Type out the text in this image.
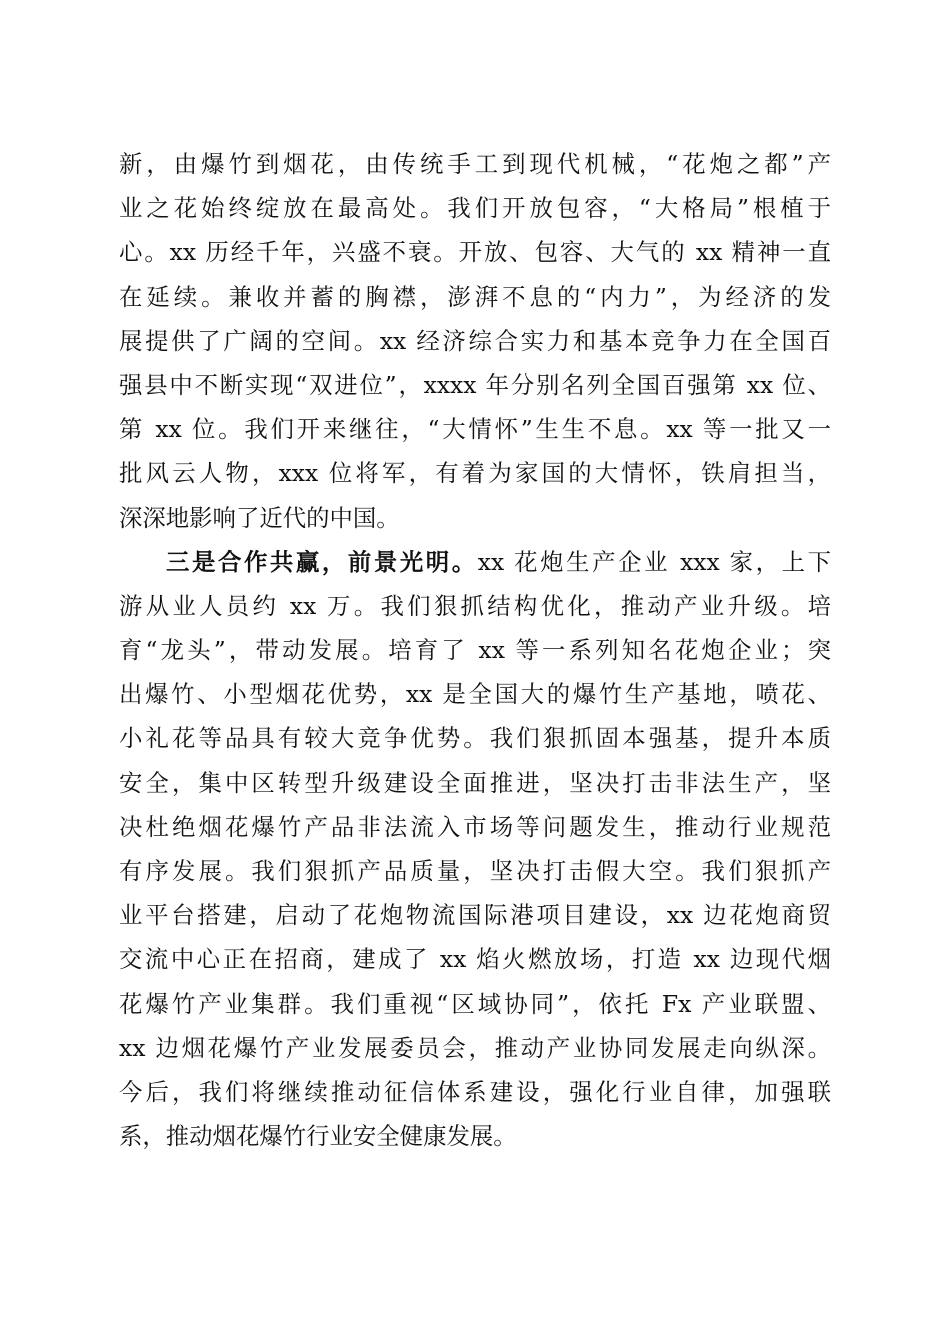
新，由爆竹到烟花，由传统手工到现代机械，“花炮之都”产
业之花始终绽放在最高处。我们开放包容，“大格局”根植于
心。xx 历经千年，兴盛不衰。开放、包容、大气的 xx 精神一直
在延续。兼收并蓄的胸襟，澎湃不息的“内力”，为经济的发
展提供了广阔的空间。xx 经济综合实力和基本竞争力在全国百
强县中不断实现“双进位”，xxxx 年分别名列全国百强第 xx 位、
第 xx 位。我们开来继往，“大情怀”生生不息。xx 等一批又一
批风云人物，xxx 位将军，有着为家国的大情怀，铁肩担当，
深深地影响了近代的中国。
三是合作共赢，前景光明。xx 花炮生产企业 xxx 家，上下
游从业人员约 xx 万。我们狠抓结构优化，推动产业升级。培
育“龙头”，带动发展。培育了 xx 等一系列知名花炮企业；突
出爆竹、小型烟花优势，xx 是全国大的爆竹生产基地，喷花、
小礼花等品具有较大竞争优势。我们狠抓固本强基，提升本质
安全，集中区转型升级建设全面推进，坚决打击非法生产，坚
决杜绝烟花爆竹产品非法流入市场等问题发生，推动行业规范
有序发展。我们狠抓产品质量，坚决打击假大空。我们狠抓产
业平台搭建，启动了花炮物流国际港项目建设，xx 边花炮商贸
交流中心正在招商，建成了 xx 焰火燃放场，打造 xx 边现代烟
花爆竹产业集群。我们重视“区域协同”，依托 Fx 产业联盟、
xx 边烟花爆竹产业发展委员会，推动产业协同发展走向纵深。
今后，我们将继续推动征信体系建设，强化行业自律，加强联
系，推动烟花爆竹行业安全健康发展。
